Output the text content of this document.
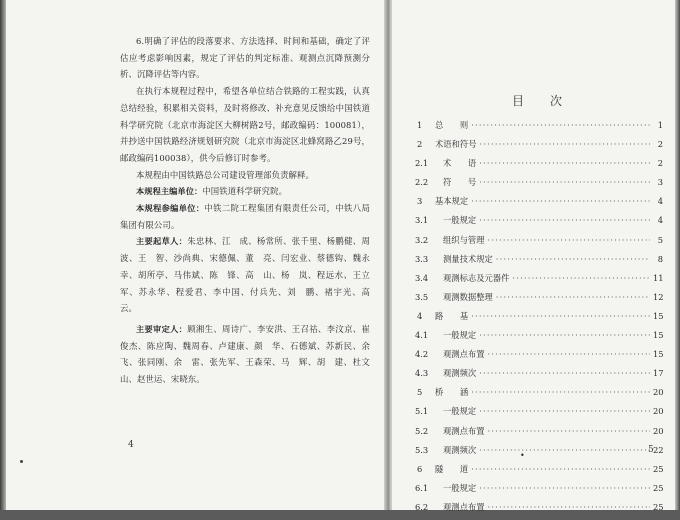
6.明确了评估的段落要求、方法选择、时间和基础，确定了评估应考虑影响因素，规定了评估的判定标准、观测点沉降预测分析、沉降评估等内容。

在执行本规程过程中，希望各单位结合铁路的工程实践，认真总结经验，积累相关资料，及时将修改、补充意见反馈给中国铁道科学研究院（北京市海淀区大柳树路2号，邮政编码：100081），并抄送中国铁路经济规划研究院（北京市海淀区北蜂窝路乙29号，邮政编码100038），供今后修订时参考。

本规程由中国铁路总公司建设管理部负责解释。

本规程主编单位：中国铁道科学研究院。

本规程参编单位：中铁二院工程集团有限责任公司，中铁八局集团有限公司。

主要起草人：朱忠林、江　成、杨常所、张千里、杨鹏健、周　波、王　智、沙尚典、宋德佩、董　亮、闫宏业、蔡德钩、魏永幸、胡所亭、马伟斌、陈　锋、高　山、杨　岚、程远水、王立军、苏永华、程爱君、李中国、付兵先、刘　鹏、褚宇光、高　云。

主要审定人：顾湘生、周诗广、李安洪、王召祜、李汶京、崔俊杰、陈应陶、魏周春、卢建康、颜　华、石德斌、苏新民、余　飞、张同刚、余　雷、张先军、王森荣、马　辉、胡　建、杜文山、赵世运、宋晓东。

4
目次
1	总　　则 ·····	1
2	术语和符号 ·····	2
2.1	术　　语 ·····	2
2.2	符　　号 ·····	3
3	基本规定 ·····	4
3.1	一般规定 ·····	4
3.2	组织与管理 ·····	5
3.3	测量技术规定 ·····	8
3.4	观测标志及元器件 ·····	11
3.5	观测数据整理 ·····	12
4	路　　基 ·····	15
4.1	一般规定 ·····	15
4.2	观测点布置 ·····	15
4.3	观测频次 ·····	17
5	桥　　涵 ·····	20
5.1	一般规定 ·····	20
5.2	观测点布置 ·····	20
5.3	观测频次 ·····	22
6	隧　　道 ·····	25
6.1	一般规定 ·····	25
6.2	观测点布置 ·····	25
•
5
